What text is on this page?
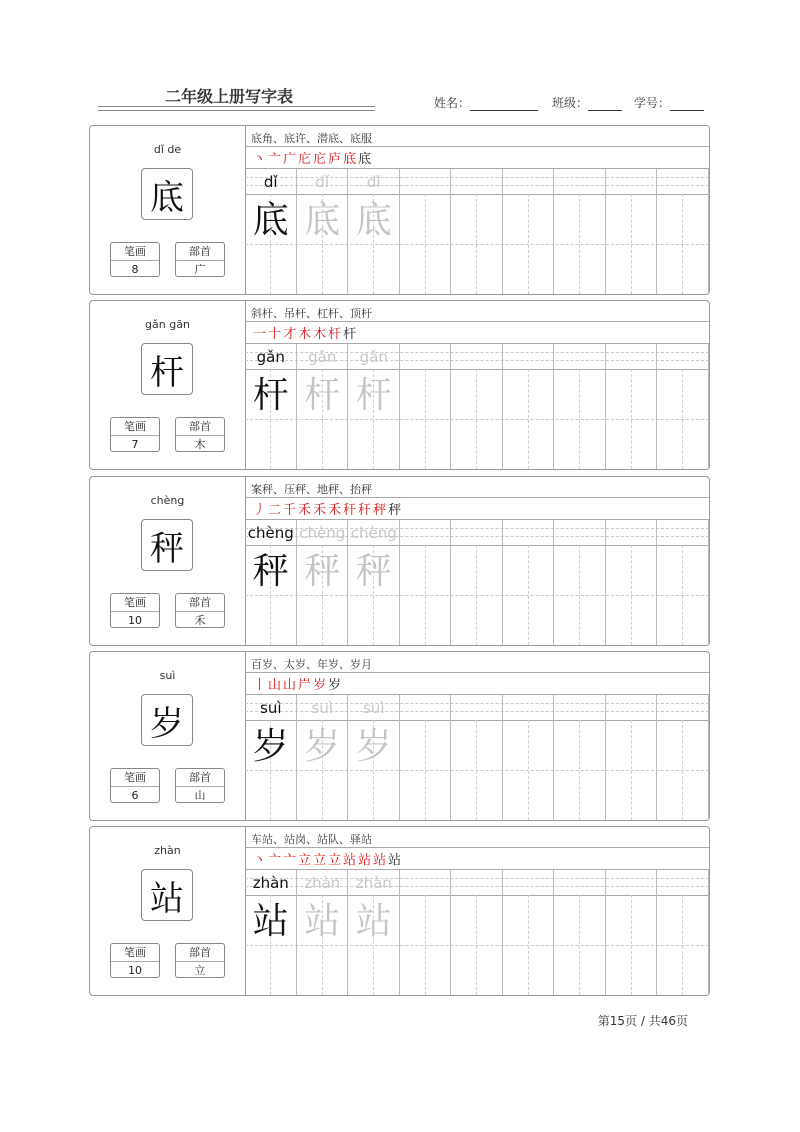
二年级上册写字表	姓名：	班级：	学号：
dǐ de
底
笔画
8
部首
广
底角、底许、潜底、底服
丶亠广庀庀庐底底
dǐ
底
dǐ
底
dǐ
底
gǎn gān
杆
笔画
7
部首
木
斜杆、吊杆、杠杆、顶杆
一十才木木杆杆
gǎn
杆
gǎn
杆
gǎn
杆
chèng
秤
笔画
10
部首
禾
案秤、压秤、地秤、抬秤
丿二千禾禾禾秆秆秤秤
chèng
秤
chèng
秤
chèng
秤
suì
岁
笔画
6
部首
山
百岁、太岁、年岁、岁月
丨山山屵岁岁
suì
岁
suì
岁
suì
岁
zhàn
站
笔画
10
部首
立
车站、站岗、站队、驿站
丶亠亠立立立站站站站
zhàn
站
zhàn
站
zhàn
站
第15页 / 共46页
